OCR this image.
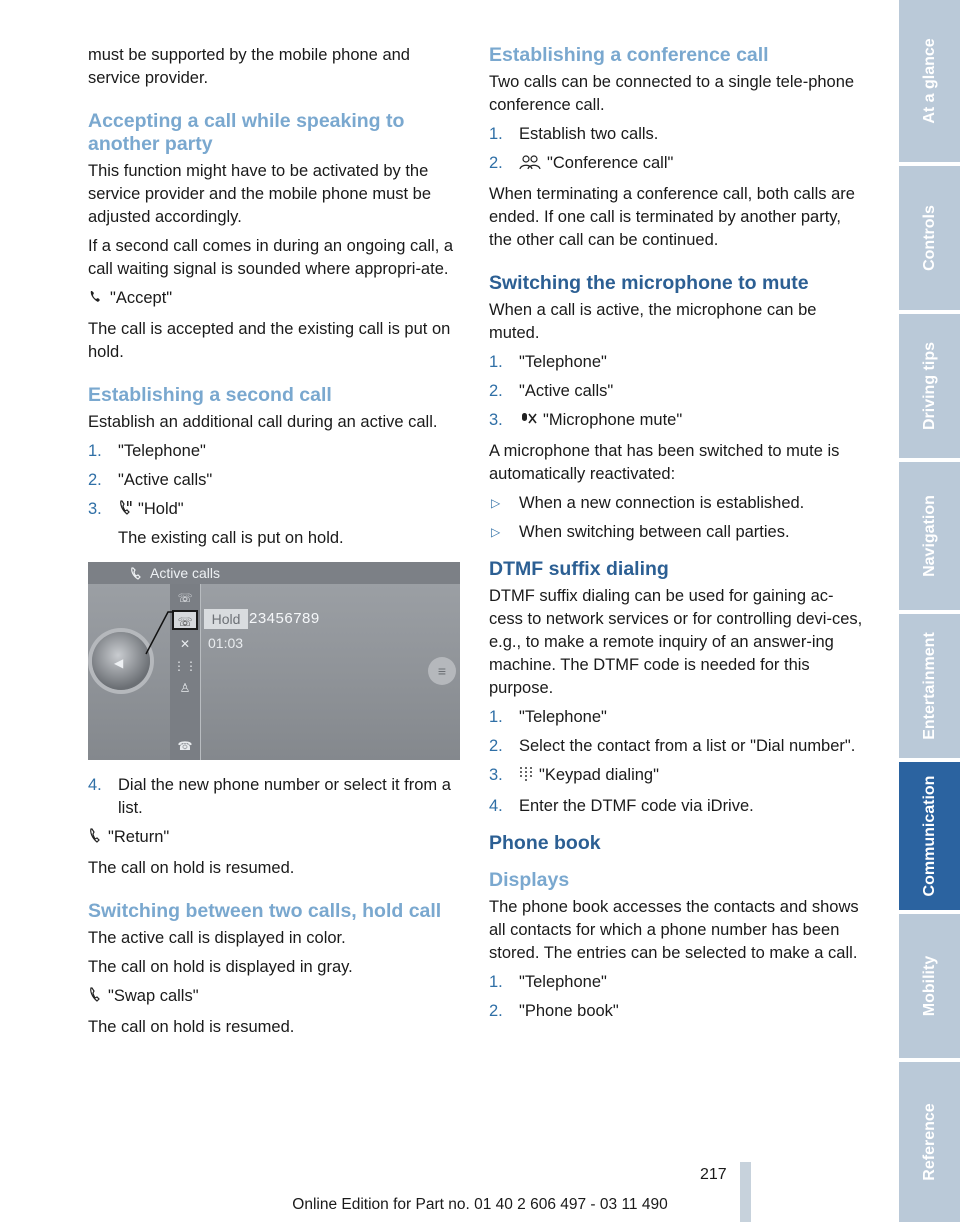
must be supported by the mobile phone and service provider.

Accepting a call while speaking to another party

This function might have to be activated by the service provider and the mobile phone must be adjusted accordingly.

If a second call comes in during an ongoing call, a call waiting signal is sounded where appropri‐ate.

"Accept"

The call is accepted and the existing call is put on hold.

Establishing a second call

Establish an additional call during an active call.

1. "Telephone"
2. "Active calls"
3. "Hold"

The existing call is put on hold.

Active calls
◀	≡
☏
☏
✕
⋮⋮
♙
☎
Hold 23456789
01:03
4. Dial the new phone number or select it from a list.

"Return"

The call on hold is resumed.

Switching between two calls, hold call

The active call is displayed in color.

The call on hold is displayed in gray.

"Swap calls"

The call on hold is resumed.

Establishing a conference call

Two calls can be connected to a single tele‐phone conference call.

1. Establish two calls.
2.	"Conference call"

When terminating a conference call, both calls are ended. If one call is terminated by another party, the other call can be continued.

Switching the microphone to mute

When a call is active, the microphone can be muted.

1. "Telephone"
2. "Active calls"
3. "Microphone mute"

A microphone that has been switched to mute is automatically reactivated:

▷ When a new connection is established.
▷ When switching between call parties.
DTMF suffix dialing

DTMF suffix dialing can be used for gaining ac‐cess to network services or for controlling devi‐ces, e.g., to make a remote inquiry of an answer‐ing machine. The DTMF code is needed for this purpose.

1. "Telephone"
2. Select the contact from a list or "Dial number".
3. "Keypad dialing"
4. Enter the DTMF code via iDrive.
Phone book
Displays

The phone book accesses the contacts and shows all contacts for which a phone number has been stored. The entries can be selected to make a call.

1. "Telephone"
2. "Phone book"
At a glance
Controls
Driving tips
Navigation
Entertainment
Communication
Mobility
Reference
217
Online Edition for Part no. 01 40 2 606 497 - 03 11 490
